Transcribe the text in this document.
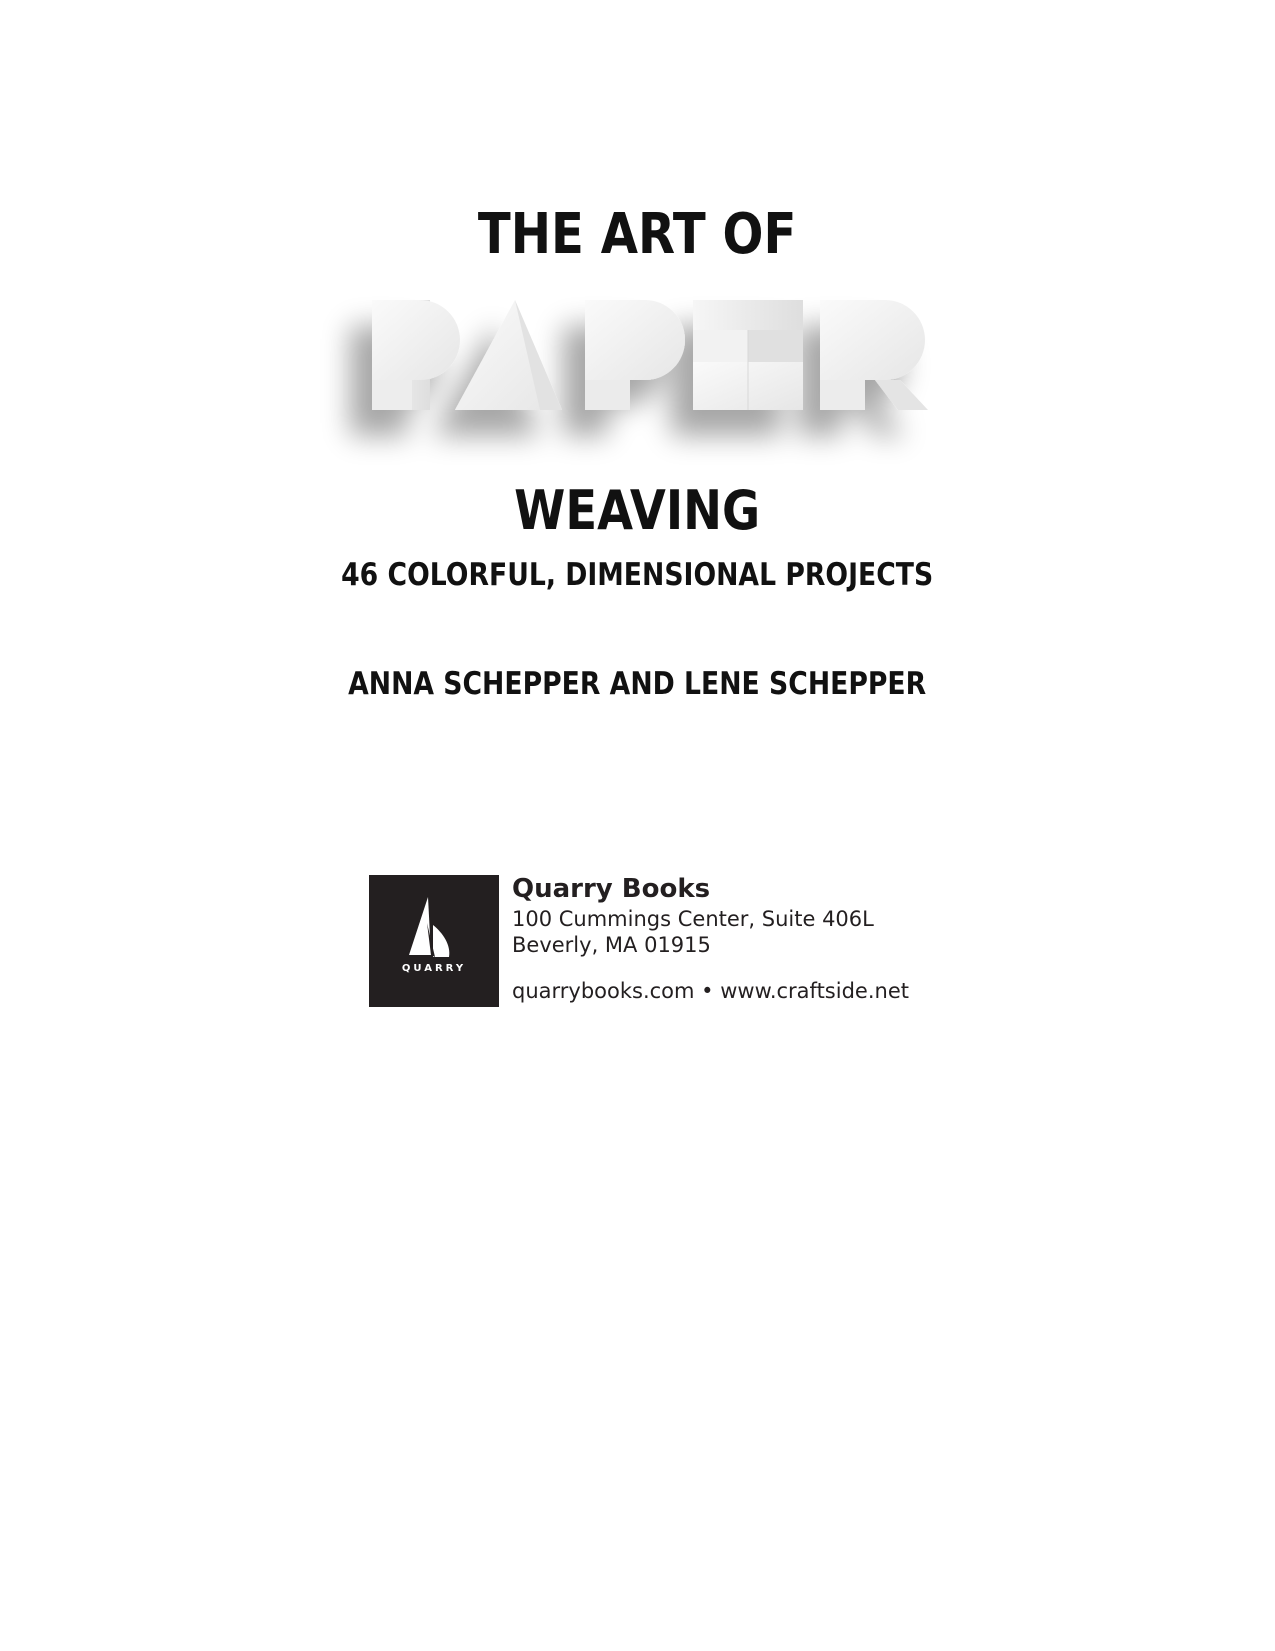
THE ART OF
WEAVING
46 COLORFUL, DIMENSIONAL PROJECTS
ANNA SCHEPPER AND LENE SCHEPPER
QUARRY
Quarry Books
100 Cummings Center, Suite 406L
Beverly, MA 01915
quarrybooks.com • www.craftside.net
